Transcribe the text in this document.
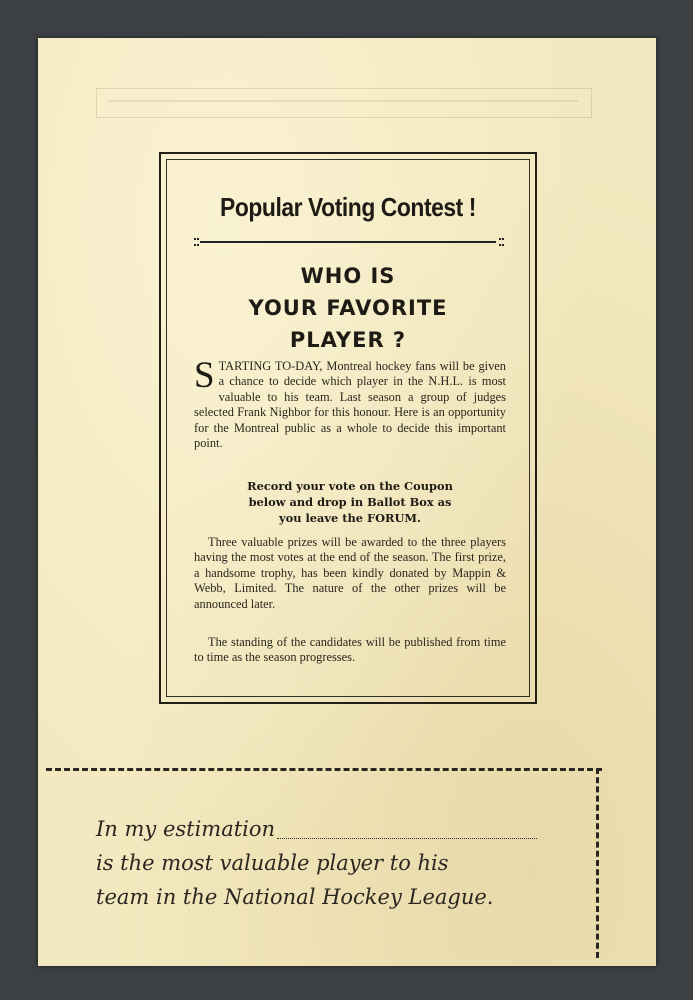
Popular Voting Contest !
WHO IS
YOUR FAVORITE
PLAYER ?
S TARTING TO-DAY, Montreal hockey fans will be given a chance to decide which player in the N.H.L. is most valuable to his team. Last season a group of judges selected Frank Nighbor for this honour. Here is an opportunity for the Montreal public as a whole to decide this important point.
Record your vote on the Coupon
below and drop in Ballot Box as
you leave the FORUM.
Three valuable prizes will be awarded to the three players having the most votes at the end of the season. The first prize, a handsome trophy, has been kindly donated by Mappin & Webb, Limited. The nature of the other prizes will be announced later.
The standing of the candidates will be published from time to time as the season progresses.
In my estimation
is the most valuable player to his
team in the National Hockey League.
